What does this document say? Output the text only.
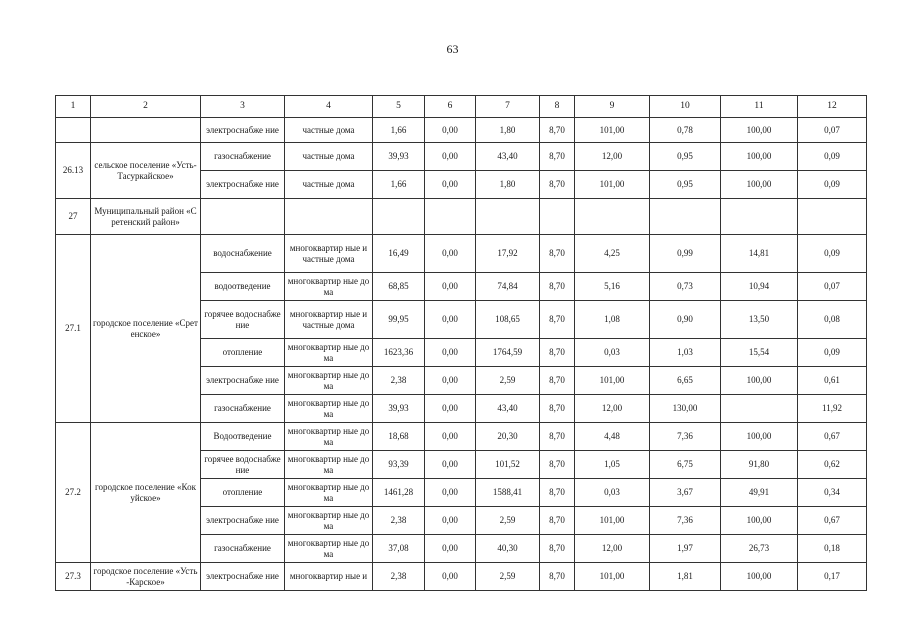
63
1	2	3	4	5	6	7	8	9	10	11	12
		электроснабже ние	частные дома	1,66	0,00	1,80	8,70	101,00	0,78	100,00	0,07
26.13	сельское поселение «Усть-Тасуркайское»	газоснабжение	частные дома	39,93	0,00	43,40	8,70	12,00	0,95	100,00	0,09
		электроснабже ние	частные дома	1,66	0,00	1,80	8,70	101,00	0,95	100,00	0,09
27	Муниципальный район «Сретенский район»										
27.1	городское поселение «Сретенское»	водоснабжение	многоквартир ные и частные дома	16,49	0,00	17,92	8,70	4,25	0,99	14,81	0,09
		водоотведение	многоквартир ные дома	68,85	0,00	74,84	8,70	5,16	0,73	10,94	0,07
		горячее водоснабжение	многоквартир ные и частные дома	99,95	0,00	108,65	8,70	1,08	0,90	13,50	0,08
		отопление	многоквартир ные дома	1623,36	0,00	1764,59	8,70	0,03	1,03	15,54	0,09
		электроснабже ние	многоквартир ные дома	2,38	0,00	2,59	8,70	101,00	6,65	100,00	0,61
		газоснабжение	многоквартир ные дома	39,93	0,00	43,40	8,70	12,00	130,00		11,92
27.2	городское поселение «Кокуйское»	Водоотведение	многоквартир ные дома	18,68	0,00	20,30	8,70	4,48	7,36	100,00	0,67
		горячее водоснабжение	многоквартир ные дома	93,39	0,00	101,52	8,70	1,05	6,75	91,80	0,62
		отопление	многоквартир ные дома	1461,28	0,00	1588,41	8,70	0,03	3,67	49,91	0,34
		электроснабже ние	многоквартир ные дома	2,38	0,00	2,59	8,70	101,00	7,36	100,00	0,67
		газоснабжение	многоквартир ные дома	37,08	0,00	40,30	8,70	12,00	1,97	26,73	0,18
27.3	городское поселение «Усть-Карское»	электроснабже ние	многоквартир ные и	2,38	0,00	2,59	8,70	101,00	1,81	100,00	0,17
